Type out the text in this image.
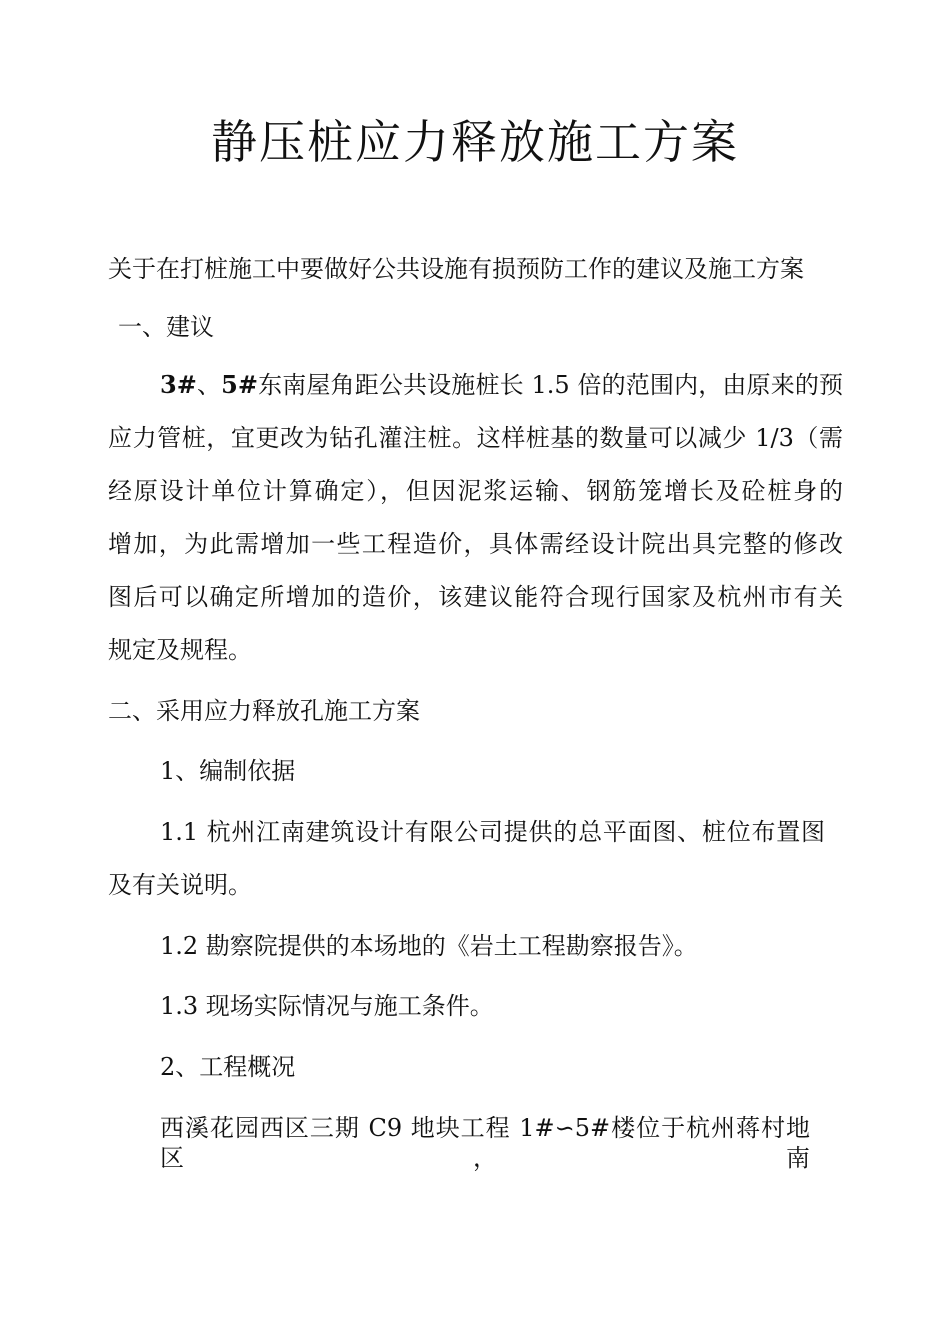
静压桩应力释放施工方案

关于在打桩施工中要做好公共设施有损预防工作的建议及施工方案

一、建议

3#、5#东南屋角距公共设施桩长 1.5 倍的范围内，由原来的预

应力管桩，宜更改为钻孔灌注桩。这样桩基的数量可以减少 1/3（需

经原设计单位计算确定），但因泥浆运输、钢筋笼增长及砼桩身的

增加，为此需增加一些工程造价，具体需经设计院出具完整的修改

图后可以确定所增加的造价，该建议能符合现行国家及杭州市有关

规定及规程。

二、采用应力释放孔施工方案

1、编制依据

1.1 杭州江南建筑设计有限公司提供的总平面图、桩位布置图

及有关说明。

1.2 勘察院提供的本场地的《岩土工程勘察报告》。

1.3 现场实际情况与施工条件。

2、工程概况

西溪花园西区三期 C9 地块工程 1#∽5#楼位于杭州蒋村地区，南
